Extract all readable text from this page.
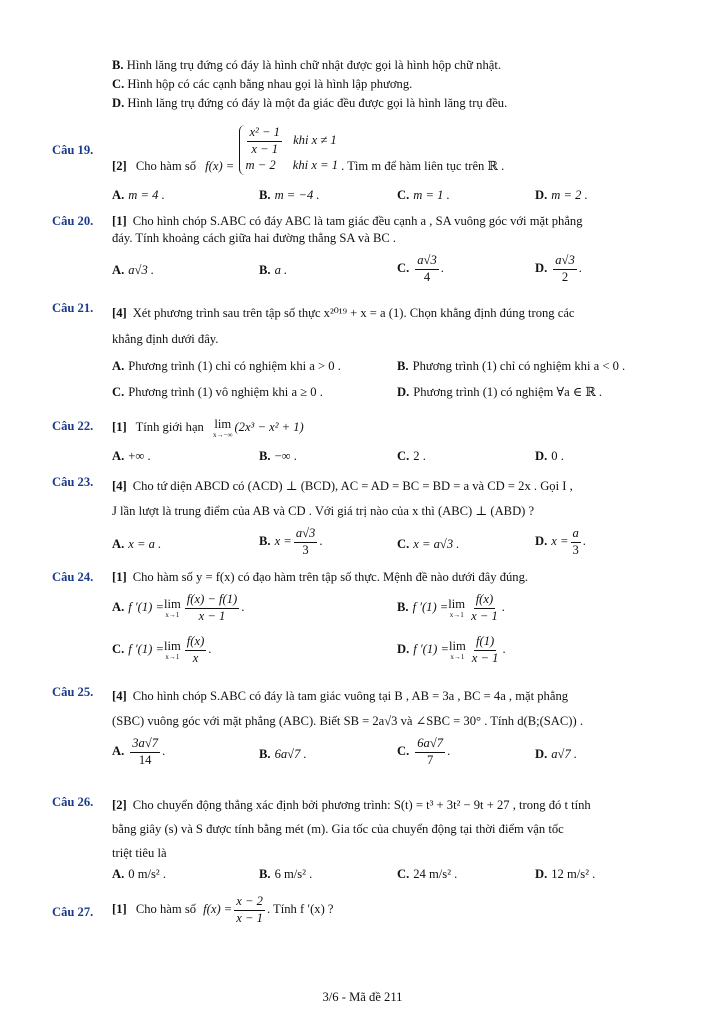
B. Hình lăng trụ đứng có đáy là hình chữ nhật được gọi là hình hộp chữ nhật.
C. Hình hộp có các cạnh bằng nhau gọi là hình lập phương.
D. Hình lăng trụ đứng có đáy là một đa giác đều được gọi là hình lăng trụ đều.
Câu 19.
[2] Cho hàm số f(x) =
$\frac{\text{x² − 1}}{x - 1}$ khi x ≠ 1
m − 2 khi x = 1 . Tìm m để hàm liên tục trên ℝ .
A. m = 4 .	B. m = −4 .	C. m = 1 .	D. m = 2 .
Câu 20. [1] Cho hình chóp S.ABC có đáy ABC là tam giác đều cạnh a , SA vuông góc với mặt phẳng
đáy. Tính khoảng cách giữa hai đường thẳng SA và BC .
A. a√3 .	B. a .	C. $\frac{a√3}{4}$ .	D. $\frac{a√3}{2}$ .
Câu 21. [4] Xét phương trình sau trên tập số thực x²⁰¹⁹ + x = a (1). Chọn khẳng định đúng trong các
khẳng định dưới đây.
A. Phương trình (1) chỉ có nghiệm khi a > 0 .	B. Phương trình (1) chỉ có nghiệm khi a < 0 .
C. Phương trình (1) vô nghiệm khi a ≥ 0 .	D. Phương trình (1) có nghiệm ∀a ∈ ℝ .
Câu 22. [1] Tính giới hạn lim
x→−∞
(2x³ − x² + 1)
A. +∞ .	B. −∞ .	C. 2 .	D. 0 .
Câu 23. [4] Cho tứ diện ABCD có (ACD) ⊥ (BCD), AC = AD = BC = BD = a và CD = 2x . Gọi I ,
J lần lượt là trung điểm của AB và CD . Với giá trị nào của x thì (ABC) ⊥ (ABD) ?
A. x = a .	B. $x = \frac{a√3}{3}$ .	C. x = a√3 .	D. $x = \frac{a}{3}$ .
Câu 24. [1] Cho hàm số y = f(x) có đạo hàm trên tập số thực. Mệnh đề nào dưới đây đúng.
A. f ′(1) = lim
$x\to 1 \frac{f(x) - f(1)}{x - 1}$ .	B. f ′(1) = lim
$x\to 1 \frac{f(x)}{x - 1}$ .
C. f ′(1) = lim
$x\to 1 \frac{f(x)}{x}$ .	D. f ′(1) = lim
$x\to 1 \frac{f(1)}{x - 1}$ .
Câu 25. [4] Cho hình chóp S.ABC có đáy là tam giác vuông tại B , AB = 3a , BC = 4a , mặt phẳng
(SBC) vuông góc với mặt phẳng (ABC). Biết SB = 2a√3 và ∠SBC = 30° . Tính d(B;(SAC)) .
A. $\frac{3a√7}{14}$ .	B. 6a√7 .	C. $\frac{6a√7}{7}$ .	D. a√7 .
Câu 26. [2] Cho chuyển động thẳng xác định bởi phương trình: S(t) = t³ + 3t² − 9t + 27 , trong đó t tính
bằng giây (s) và S được tính bằng mét (m). Gia tốc của chuyển động tại thời điểm vận tốc
triệt tiêu là
A. 0 m/s² .	B. 6 m/s² .	C. 24 m/s² .	D. 12 m/s² .
Câu 27. [1] Cho hàm số $f(x) = \frac{x - 2}{x - 1}$ . Tính f ′(x) ?
3/6 - Mã đề 211
